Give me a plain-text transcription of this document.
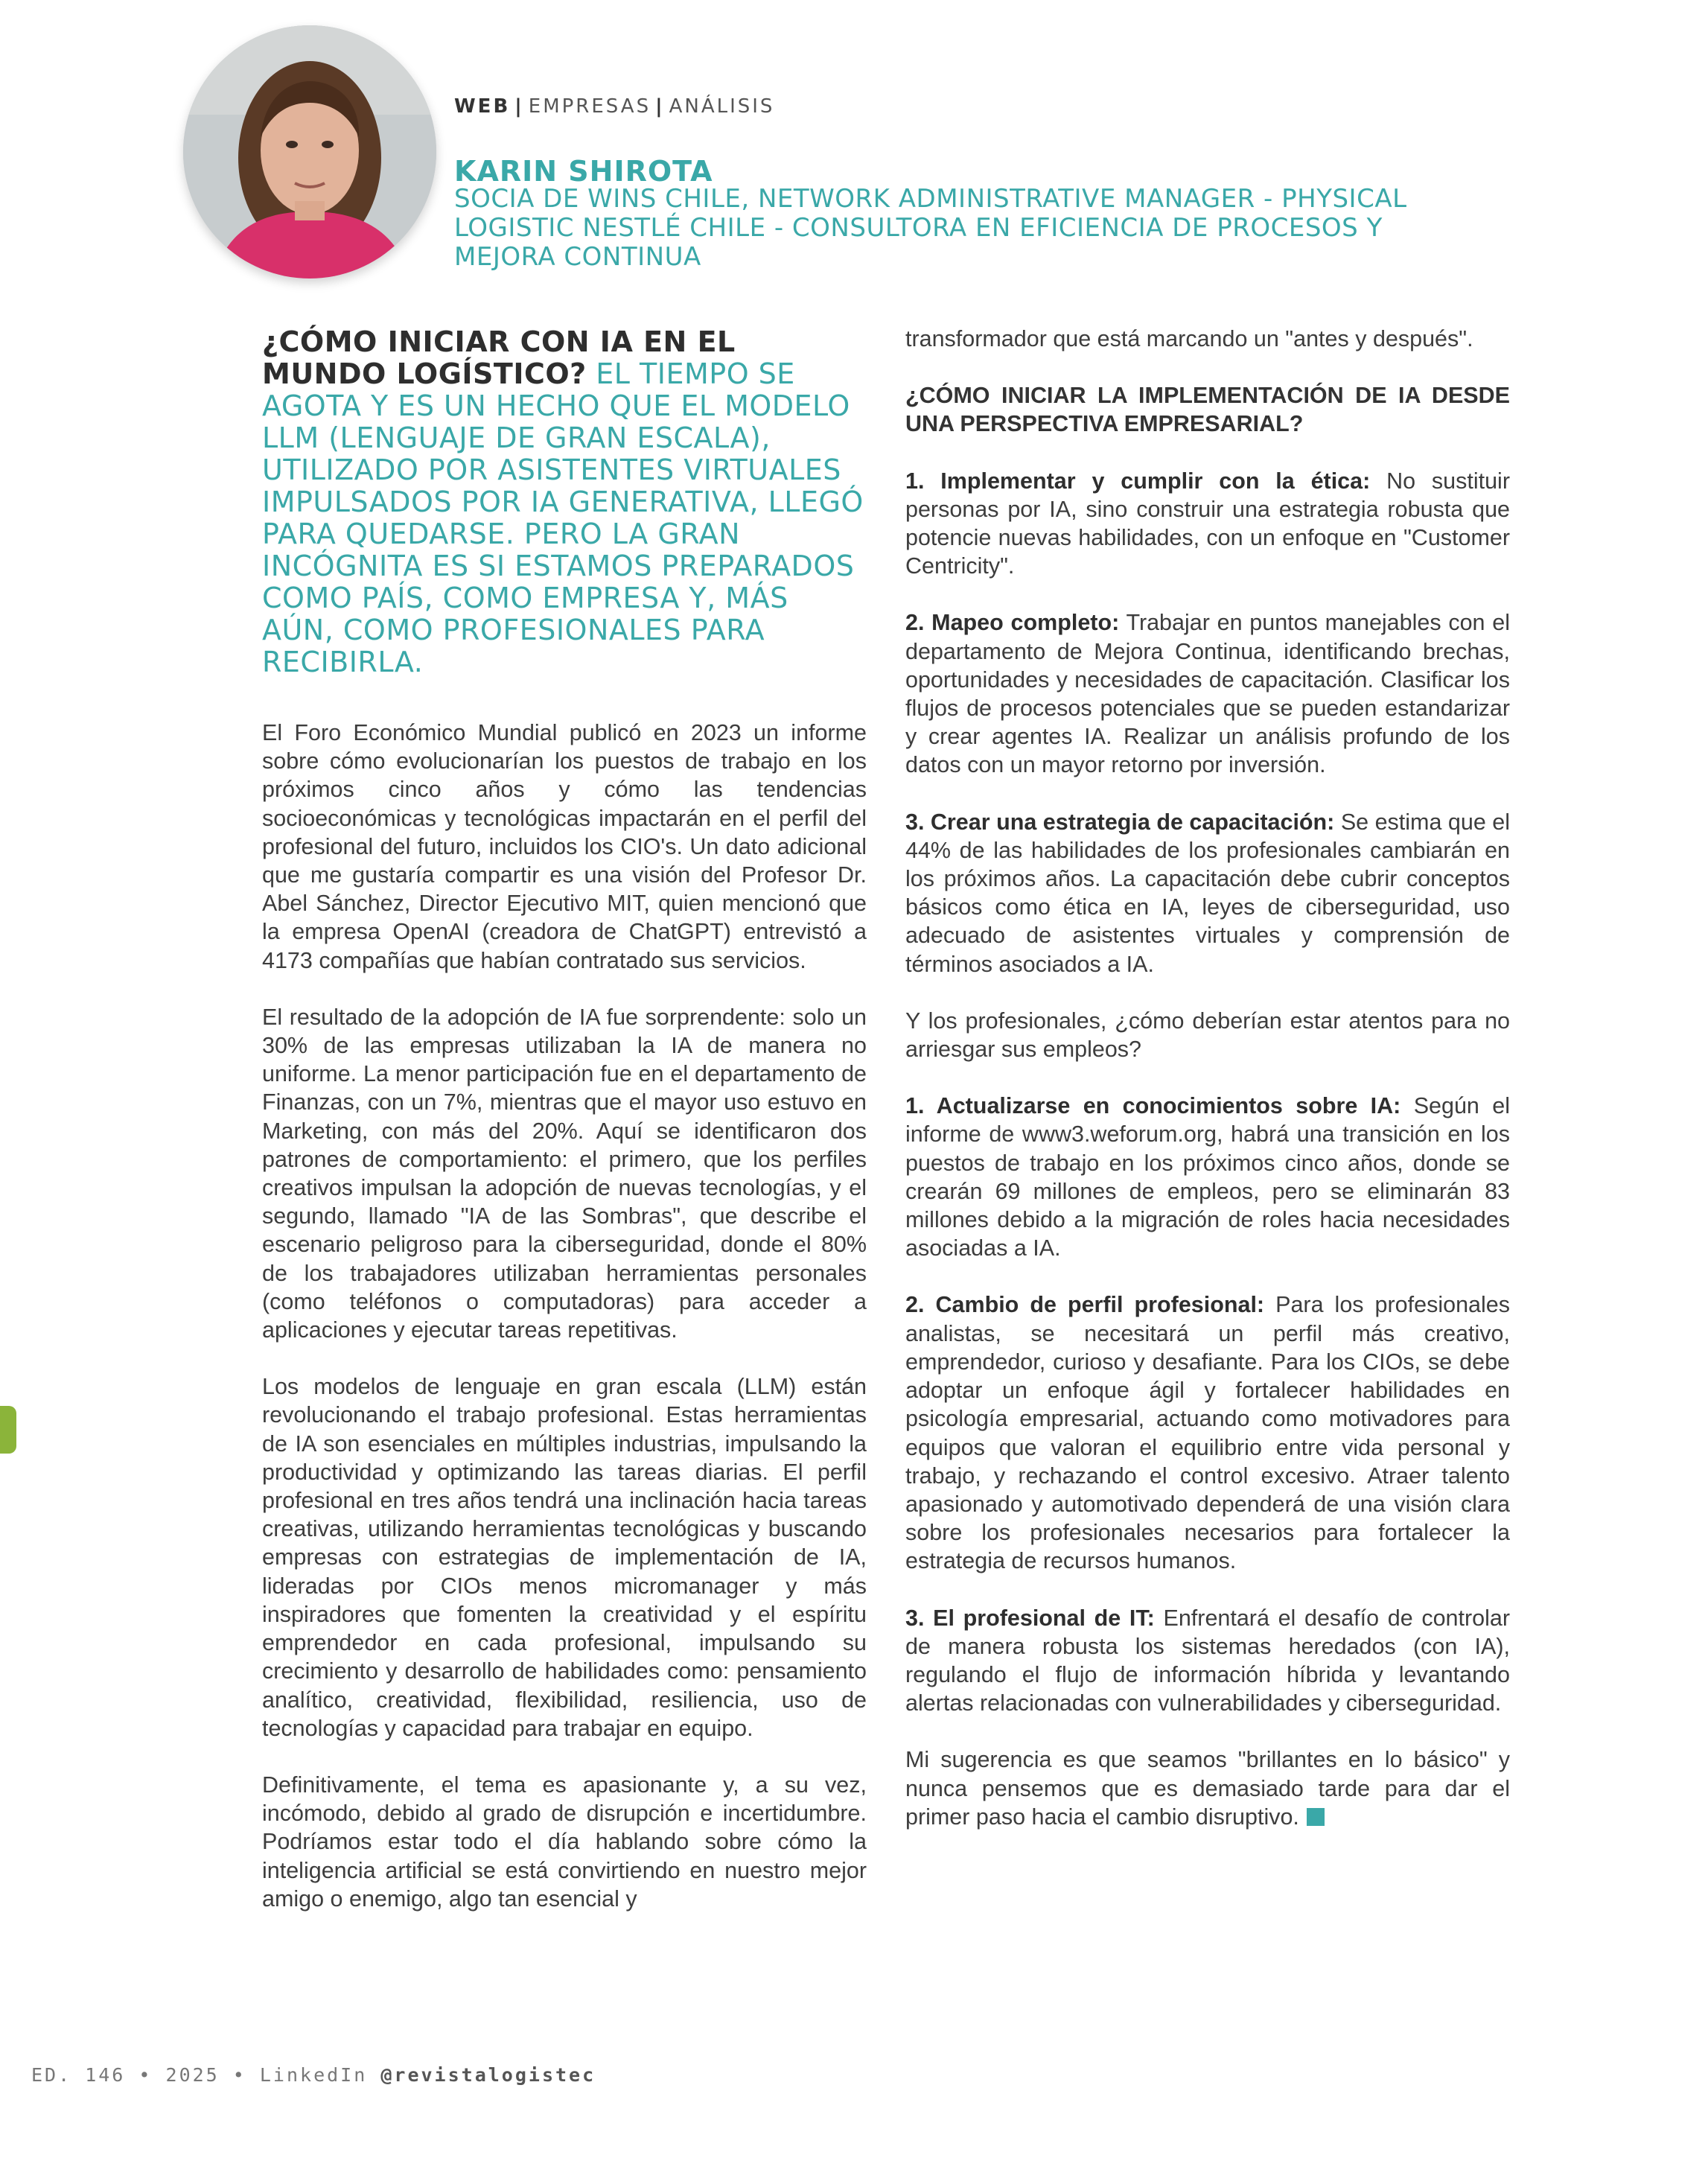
WEB | EMPRESAS | ANÁLISIS
KARIN SHIROTA
SOCIA DE WINS CHILE, NETWORK ADMINISTRATIVE MANAGER - PHYSICAL LOGISTIC NESTLÉ CHILE - CONSULTORA EN EFICIENCIA DE PROCESOS Y MEJORA CONTINUA
¿CÓMO INICIAR CON IA EN EL MUNDO LOGÍSTICO? EL TIEMPO SE AGOTA Y ES UN HECHO QUE EL MODELO LLM (LENGUAJE DE GRAN ESCALA), UTILIZADO POR ASISTENTES VIRTUALES IMPULSADOS POR IA GENERATIVA, LLEGÓ PARA QUEDARSE. PERO LA GRAN INCÓGNITA ES SI ESTAMOS PREPARADOS COMO PAÍS, COMO EMPRESA Y, MÁS AÚN, COMO PROFESIONALES PARA RECIBIRLA.

El Foro Económico Mundial publicó en 2023 un informe sobre cómo evolucionarían los puestos de trabajo en los próximos cinco años y cómo las tendencias socioeconómicas y tecnológicas impactarán en el perfil del profesional del futuro, incluidos los CIO's. Un dato adicional que me gustaría compartir es una visión del Profesor Dr. Abel Sánchez, Director Ejecutivo MIT, quien mencionó que la empresa OpenAI (creadora de ChatGPT) entrevistó a 4173 compañías que habían contratado sus servicios.

El resultado de la adopción de IA fue sorprendente: solo un 30% de las empresas utilizaban la IA de manera no uniforme. La menor participación fue en el departamento de Finanzas, con un 7%, mientras que el mayor uso estuvo en Marketing, con más del 20%. Aquí se identificaron dos patrones de comportamiento: el primero, que los perfiles creativos impulsan la adopción de nuevas tecnologías, y el segundo, llamado "IA de las Sombras", que describe el escenario peligroso para la ciberseguridad, donde el 80% de los trabajadores utilizaban herramientas personales (como teléfonos o computadoras) para acceder a aplicaciones y ejecutar tareas repetitivas.

Los modelos de lenguaje en gran escala (LLM) están revolucionando el trabajo profesional. Estas herramientas de IA son esenciales en múltiples industrias, impulsando la productividad y optimizando las tareas diarias. El perfil profesional en tres años tendrá una inclinación hacia tareas creativas, utilizando herramientas tecnológicas y buscando empresas con estrategias de implementación de IA, lideradas por CIOs menos micromanager y más inspiradores que fomenten la creatividad y el espíritu emprendedor en cada profesional, impulsando su crecimiento y desarrollo de habilidades como: pensamiento analítico, creatividad, flexibilidad, resiliencia, uso de tecnologías y capacidad para trabajar en equipo.

Definitivamente, el tema es apasionante y, a su vez, incómodo, debido al grado de disrupción e incertidumbre. Podríamos estar todo el día hablando sobre cómo la inteligencia artificial se está convirtiendo en nuestro mejor amigo o enemigo, algo tan esencial y

transformador que está marcando un "antes y después".

¿CÓMO INICIAR LA IMPLEMENTACIÓN DE IA DESDE UNA PERSPECTIVA EMPRESARIAL?

1. Implementar y cumplir con la ética: No sustituir personas por IA, sino construir una estrategia robusta que potencie nuevas habilidades, con un enfoque en "Customer Centricity".

2. Mapeo completo: Trabajar en puntos manejables con el departamento de Mejora Continua, identificando brechas, oportunidades y necesidades de capacitación. Clasificar los flujos de procesos potenciales que se pueden estandarizar y crear agentes IA. Realizar un análisis profundo de los datos con un mayor retorno por inversión.

3. Crear una estrategia de capacitación: Se estima que el 44% de las habilidades de los profesionales cambiarán en los próximos años. La capacitación debe cubrir conceptos básicos como ética en IA, leyes de ciberseguridad, uso adecuado de asistentes virtuales y comprensión de términos asociados a IA.

Y los profesionales, ¿cómo deberían estar atentos para no arriesgar sus empleos?

1. Actualizarse en conocimientos sobre IA: Según el informe de www3.weforum.org, habrá una transición en los puestos de trabajo en los próximos cinco años, donde se crearán 69 millones de empleos, pero se eliminarán 83 millones debido a la migración de roles hacia necesidades asociadas a IA.

2. Cambio de perfil profesional: Para los profesionales analistas, se necesitará un perfil más creativo, emprendedor, curioso y desafiante. Para los CIOs, se debe adoptar un enfoque ágil y fortalecer habilidades en psicología empresarial, actuando como motivadores para equipos que valoran el equilibrio entre vida personal y trabajo, y rechazando el control excesivo. Atraer talento apasionado y automotivado dependerá de una visión clara sobre los profesionales necesarios para fortalecer la estrategia de recursos humanos.

3. El profesional de IT: Enfrentará el desafío de controlar de manera robusta los sistemas heredados (con IA), regulando el flujo de información híbrida y levantando alertas relacionadas con vulnerabilidades y ciberseguridad.

Mi sugerencia es que seamos "brillantes en lo básico" y nunca pensemos que es demasiado tarde para dar el primer paso hacia el cambio disruptivo.

ED. 146 • 2025 • LinkedIn @revistalogistec
